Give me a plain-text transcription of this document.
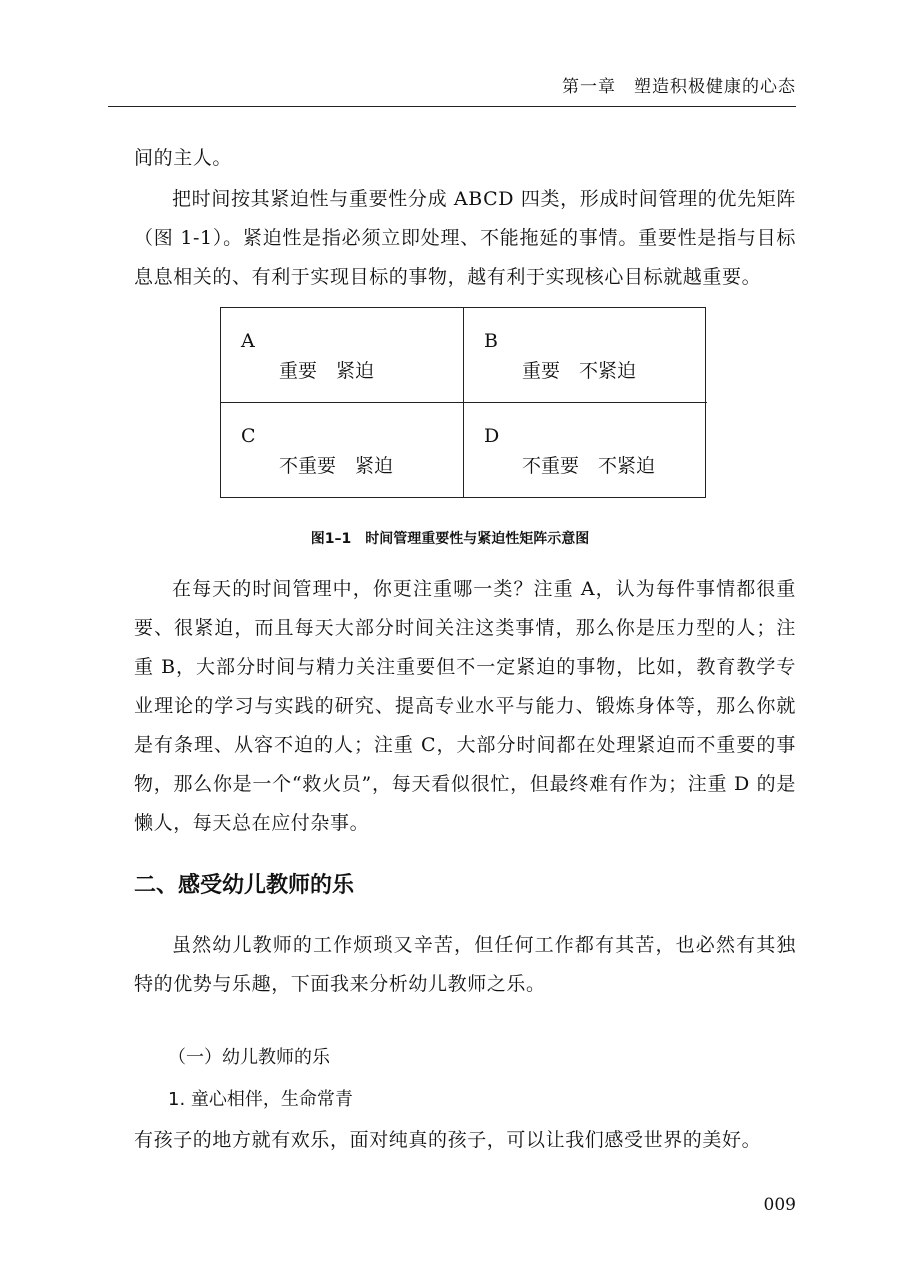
第一章　塑造积极健康的心态

间的主人。

把时间按其紧迫性与重要性分成 ABCD 四类，形成时间管理的优先矩阵（图 1-1）。紧迫性是指必须立即处理、不能拖延的事情。重要性是指与目标息息相关的、有利于实现目标的事物，越有利于实现核心目标就越重要。

A
重要　紧迫
B
重要　不紧迫
C
不重要　紧迫
D
不重要　不紧迫
图1–1　时间管理重要性与紧迫性矩阵示意图

在每天的时间管理中，你更注重哪一类？注重 A，认为每件事情都很重要、很紧迫，而且每天大部分时间关注这类事情，那么你是压力型的人；注重 B，大部分时间与精力关注重要但不一定紧迫的事物，比如，教育教学专业理论的学习与实践的研究、提高专业水平与能力、锻炼身体等，那么你就是有条理、从容不迫的人；注重 C，大部分时间都在处理紧迫而不重要的事物，那么你是一个“救火员”，每天看似很忙，但最终难有作为；注重 D 的是懒人，每天总在应付杂事。

二、感受幼儿教师的乐

虽然幼儿教师的工作烦琐又辛苦，但任何工作都有其苦，也必然有其独特的优势与乐趣，下面我来分析幼儿教师之乐。

（一）幼儿教师的乐
1. 童心相伴，生命常青

有孩子的地方就有欢乐，面对纯真的孩子，可以让我们感受世界的美好。

009
